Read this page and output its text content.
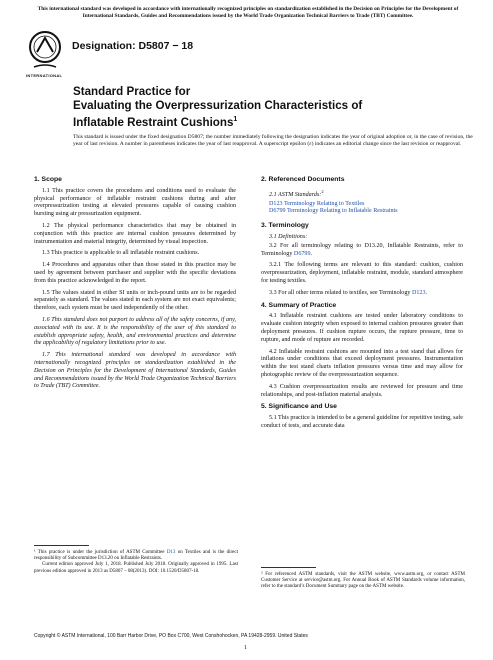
This international standard was developed in accordance with internationally recognized principles on standardization established in the Decision on Principles for the Development of International Standards, Guides and Recommendations issued by the World Trade Organization Technical Barriers to Trade (TBT) Committee.
INTERNATIONAL
Designation: D5807 − 18
Standard Practice for
Evaluating the Overpressurization Characteristics of
Inflatable Restraint Cushions$^1$
This standard is issued under the fixed designation D5807; the number immediately following the designation indicates the year of original adoption or, in the case of revision, the year of last revision. A number in parentheses indicates the year of last reapproval. A superscript epsilon (ε) indicates an editorial change since the last revision or reapproval.
1. Scope

1.1 This practice covers the procedures and conditions used to evaluate the physical performance of inflatable restraint cushions during and after overpressurization testing at elevated pressures capable of causing cushion bursting using air pressurization equipment.

1.2 The physical performance characteristics that may be obtained in conjunction with this practice are internal cushion pressures determined by instrumentation and material integrity, determined by visual inspection.

1.3 This practice is applicable to all inflatable restraint cushions.

1.4 Procedures and apparatus other than those stated in this practice may be used by agreement between purchaser and supplier with the specific deviations from this practice acknowledged in the report.

1.5 The values stated in either SI units or inch-pound units are to be regarded separately as standard. The values stated in each system are not exact equivalents; therefore, each system must be used independently of the other.

1.6 This standard does not purport to address all of the safety concerns, if any, associated with its use. It is the responsibility of the user of this standard to establish appropriate safety, health, and environmental practices and determine the applicability of regulatory limitations prior to use.

1.7 This international standard was developed in accordance with internationally recognized principles on standardization established in the Decision on Principles for the Development of International Standards, Guides and Recommendations issued by the World Trade Organization Technical Barriers to Trade (TBT) Committee.

¹ This practice is under the jurisdiction of ASTM Committee D13 on Textiles and is the direct responsibility of Subcommittee D13.20 on Inflatable Restraints.
Current edition approved July 1, 2018. Published July 2018. Originally approved in 1995. Last previous edition approved in 2013 as D5807 – 08(2013). DOI: 10.1520/D5807-18.
2. Referenced Documents

2.1 ASTM Standards:$^2$

D123 Terminology Relating to Textiles
D6799 Terminology Relating to Inflatable Restraints
3. Terminology

3.1 Definitions:

3.2 For all terminology relating to D13.20, Inflatable Restraints, refer to Terminology D6799.

3.2.1 The following terms are relevant to this standard: cushion, cushion overpressurization, deployment, inflatable restraint, module, standard atmosphere for testing textiles.

3.3 For all other terms related to textiles, see Terminology D123.

4. Summary of Practice

4.1 Inflatable restraint cushions are tested under laboratory conditions to evaluate cushion integrity when exposed to internal cushion pressures greater than deployment pressures. If cushion rupture occurs, the rupture pressure, time to rupture, and mode of rupture are recorded.

4.2 Inflatable restraint cushions are mounted into a test stand that allows for inflations under conditions that exceed deployment pressures. Instrumentation within the test stand charts inflation pressures versus time and may allow for photographic review of the overpressurization sequence.

4.3 Cushion overpressurization results are reviewed for pressure and time relationships, and post-inflation material analysis.

5. Significance and Use

5.1 This practice is intended to be a general guideline for repetitive testing, safe conduct of tests, and accurate data

² For referenced ASTM standards, visit the ASTM website, www.astm.org, or contact ASTM Customer Service at service@astm.org. For Annual Book of ASTM Standards volume information, refer to the standard’s Document Summary page on the ASTM website.
Copyright © ASTM International, 100 Barr Harbor Drive, PO Box C700, West Conshohocken, PA 19428-2959. United States
1
